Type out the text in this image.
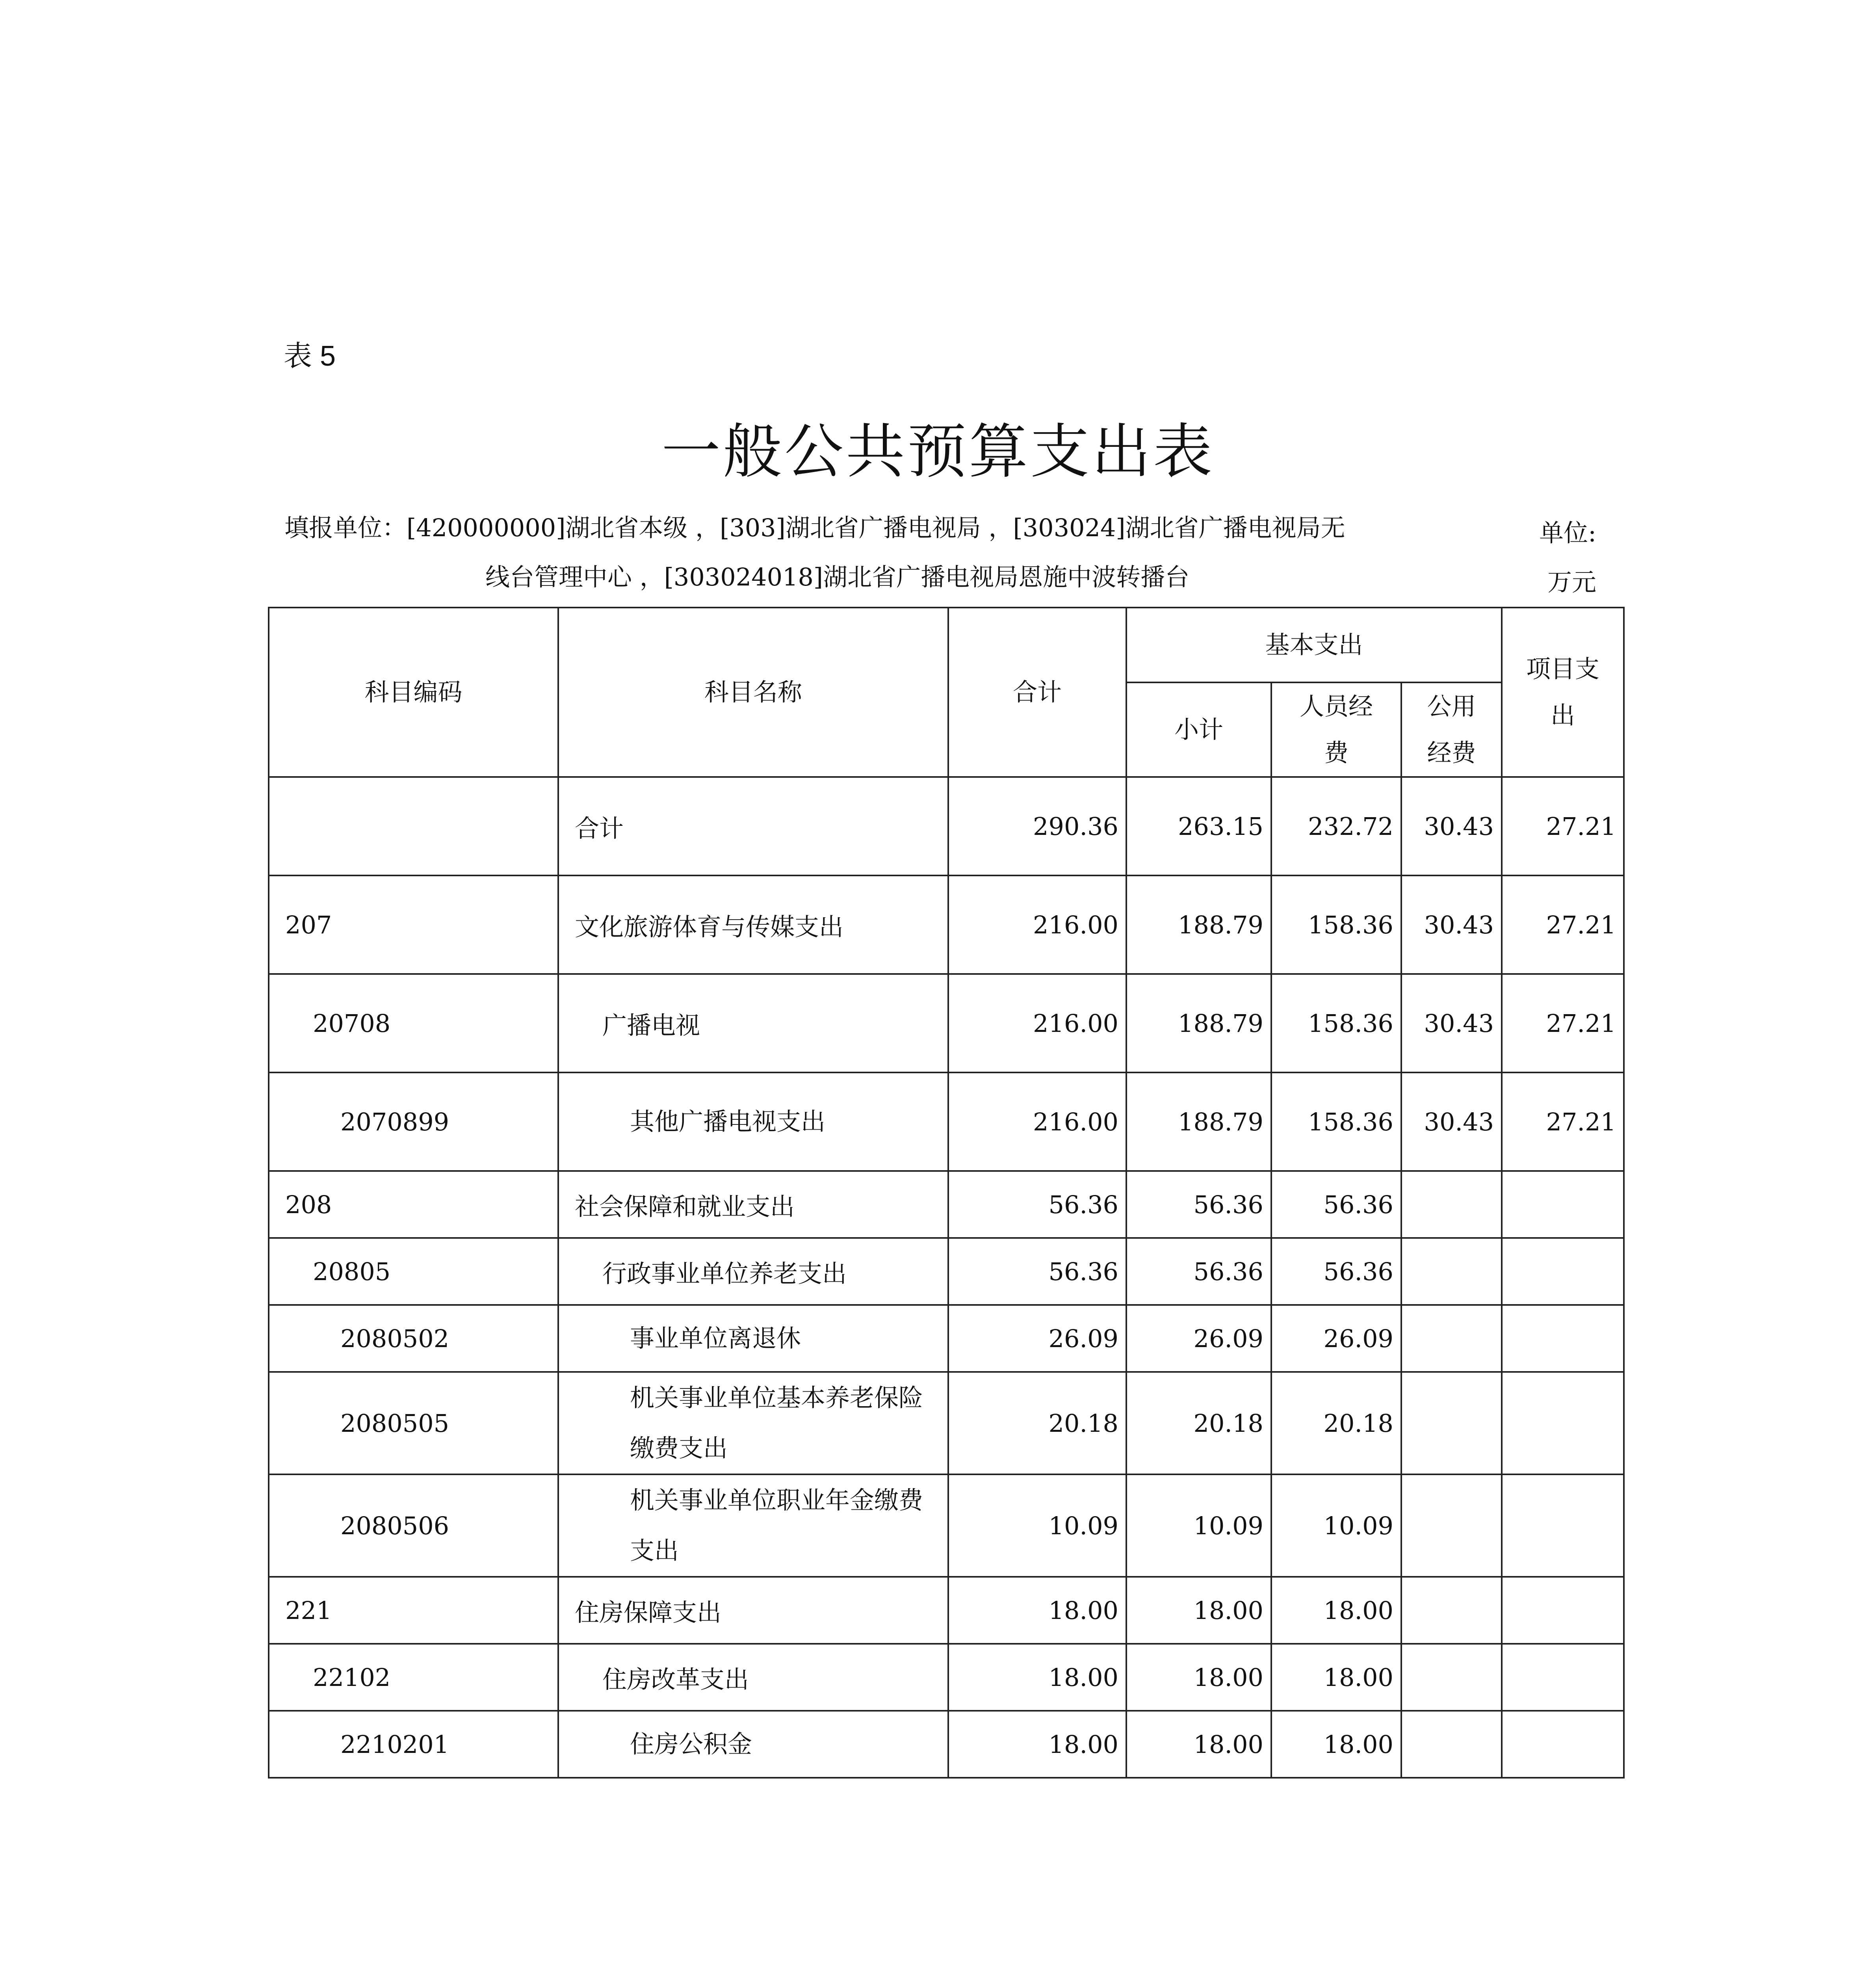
表 5
一般公共预算支出表
填报单位：[420000000]湖北省本级 ，[303]湖北省广播电视局 ，[303024]湖北省广播电视局无
线台管理中心 ，[303024018]湖北省广播电视局恩施中波转播台
单位:
万元
科目编码	科目名称	合计	基本支出			项目支出
			小计	人员经费	公用经费	
	合计	290.36	263.15	232.72	30.43	27.21
207	文化旅游体育与传媒支出	216.00	188.79	158.36	30.43	27.21
20708	广播电视	216.00	188.79	158.36	30.43	27.21
2070899	其他广播电视支出	216.00	188.79	158.36	30.43	27.21
208	社会保障和就业支出	56.36	56.36	56.36		
20805	行政事业单位养老支出	56.36	56.36	56.36		
2080502	事业单位离退休	26.09	26.09	26.09		
2080505	机关事业单位基本养老保险缴费支出	20.18	20.18	20.18		
2080506	机关事业单位职业年金缴费支出	10.09	10.09	10.09		
221	住房保障支出	18.00	18.00	18.00		
22102	住房改革支出	18.00	18.00	18.00		
2210201	住房公积金	18.00	18.00	18.00		
